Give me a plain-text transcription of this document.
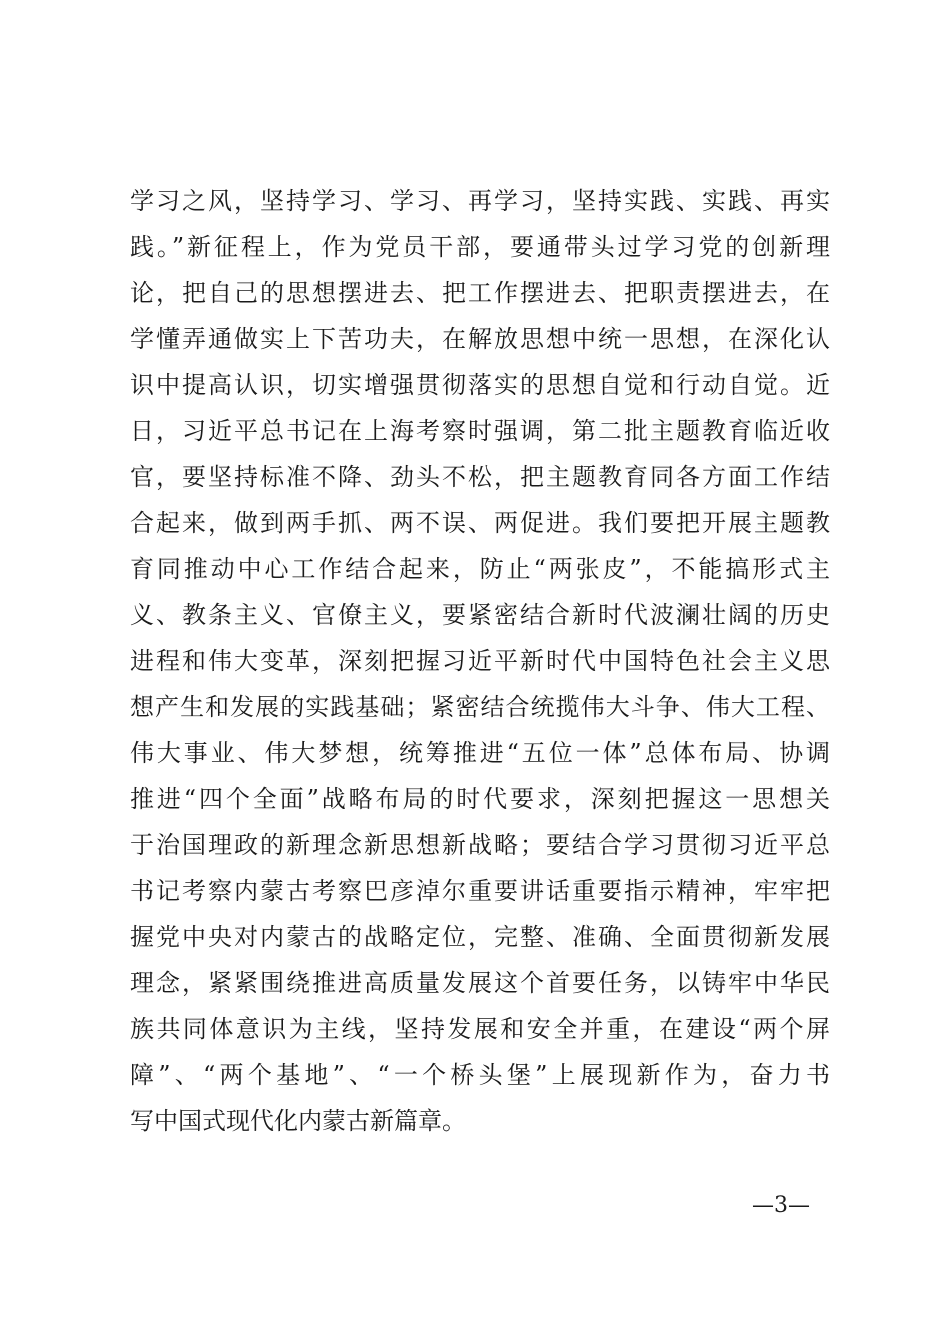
学习之风，坚持学习、学习、再学习，坚持实践、实践、再实
践。”新征程上，作为党员干部，要通带头过学习党的创新理
论，把自己的思想摆进去、把工作摆进去、把职责摆进去，在
学懂弄通做实上下苦功夫，在解放思想中统一思想，在深化认
识中提高认识，切实增强贯彻落实的思想自觉和行动自觉。近
日，习近平总书记在上海考察时强调，第二批主题教育临近收
官，要坚持标准不降、劲头不松，把主题教育同各方面工作结
合起来，做到两手抓、两不误、两促进。我们要把开展主题教
育同推动中心工作结合起来，防止“两张皮”，不能搞形式主
义、教条主义、官僚主义，要紧密结合新时代波澜壮阔的历史
进程和伟大变革，深刻把握习近平新时代中国特色社会主义思
想产生和发展的实践基础；紧密结合统揽伟大斗争、伟大工程、
伟大事业、伟大梦想，统筹推进“五位一体”总体布局、协调
推进“四个全面”战略布局的时代要求，深刻把握这一思想关
于治国理政的新理念新思想新战略；要结合学习贯彻习近平总
书记考察内蒙古考察巴彦淖尔重要讲话重要指示精神，牢牢把
握党中央对内蒙古的战略定位，完整、准确、全面贯彻新发展
理念，紧紧围绕推进高质量发展这个首要任务，以铸牢中华民
族共同体意识为主线，坚持发展和安全并重，在建设“两个屏
障”、“两个基地”、“一个桥头堡”上展现新作为，奋力书
写中国式现代化内蒙古新篇章。
—3—
